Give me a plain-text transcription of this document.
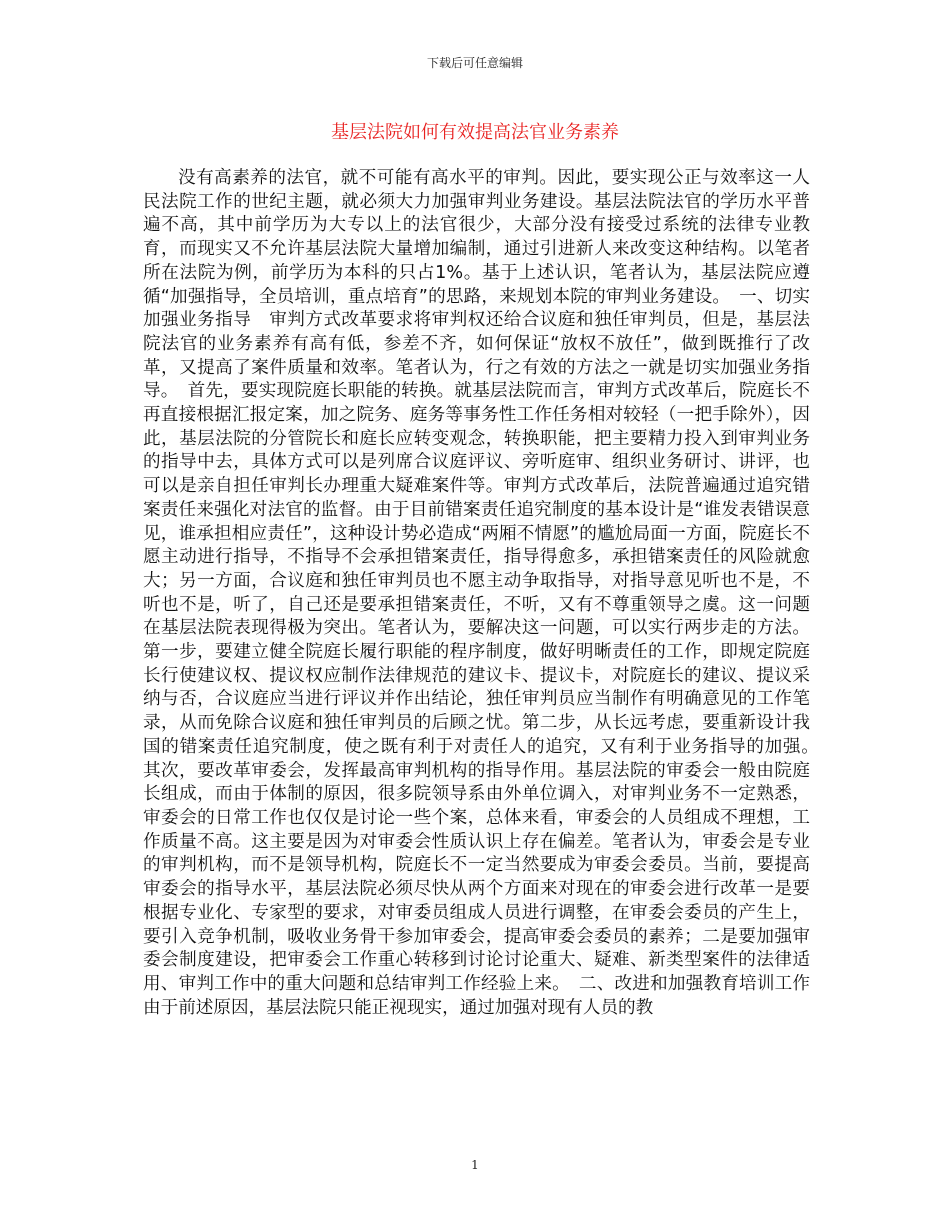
下载后可任意编辑
基层法院如何有效提高法官业务素养
没有高素养的法官，就不可能有高水平的审判。因此，要实现公正与效率这一人民法院工作的世纪主题，就必须大力加强审判业务建设。基层法院法官的学历水平普遍不高，其中前学历为大专以上的法官很少，大部分没有接受过系统的法律专业教育，而现实又不允许基层法院大量增加编制，通过引进新人来改变这种结构。以笔者所在法院为例，前学历为本科的只占1%。基于上述认识，笔者认为，基层法院应遵循“加强指导，全员培训，重点培育”的思路，来规划本院的审判业务建设。　一、切实加强业务指导　审判方式改革要求将审判权还给合议庭和独任审判员，但是，基层法院法官的业务素养有高有低，参差不齐，如何保证“放权不放任”，做到既推行了改革，又提高了案件质量和效率。笔者认为，行之有效的方法之一就是切实加强业务指导。　首先，要实现院庭长职能的转换。就基层法院而言，审判方式改革后，院庭长不再直接根据汇报定案，加之院务、庭务等事务性工作任务相对较轻（一把手除外），因此，基层法院的分管院长和庭长应转变观念，转换职能，把主要精力投入到审判业务的指导中去，具体方式可以是列席合议庭评议、旁听庭审、组织业务研讨、讲评，也可以是亲自担任审判长办理重大疑难案件等。审判方式改革后，法院普遍通过追究错案责任来强化对法官的监督。由于目前错案责任追究制度的基本设计是“谁发表错误意见，谁承担相应责任”，这种设计势必造成“两厢不情愿”的尴尬局面一方面，院庭长不愿主动进行指导，不指导不会承担错案责任，指导得愈多，承担错案责任的风险就愈大；另一方面，合议庭和独任审判员也不愿主动争取指导，对指导意见听也不是，不听也不是，听了，自己还是要承担错案责任，不听，又有不尊重领导之虞。这一问题在基层法院表现得极为突出。笔者认为，要解决这一问题，可以实行两步走的方法。第一步，要建立健全院庭长履行职能的程序制度，做好明晰责任的工作，即规定院庭长行使建议权、提议权应制作法律规范的建议卡、提议卡，对院庭长的建议、提议采纳与否，合议庭应当进行评议并作出结论，独任审判员应当制作有明确意见的工作笔录，从而免除合议庭和独任审判员的后顾之忧。第二步，从长远考虑，要重新设计我国的错案责任追究制度，使之既有利于对责任人的追究，又有利于业务指导的加强。　其次，要改革审委会，发挥最高审判机构的指导作用。基层法院的审委会一般由院庭长组成，而由于体制的原因，很多院领导系由外单位调入，对审判业务不一定熟悉，审委会的日常工作也仅仅是讨论一些个案，总体来看，审委会的人员组成不理想，工作质量不高。这主要是因为对审委会性质认识上存在偏差。笔者认为，审委会是专业的审判机构，而不是领导机构，院庭长不一定当然要成为审委会委员。当前，要提高审委会的指导水平，基层法院必须尽快从两个方面来对现在的审委会进行改革一是要根据专业化、专家型的要求，对审委员组成人员进行调整，在审委会委员的产生上，要引入竞争机制，吸收业务骨干参加审委会，提高审委会委员的素养；二是要加强审委会制度建设，把审委会工作重心转移到讨论讨论重大、疑难、新类型案件的法律适用、审判工作中的重大问题和总结审判工作经验上来。　二、改进和加强教育培训工作　由于前述原因，基层法院只能正视现实，通过加强对现有人员的教
1
